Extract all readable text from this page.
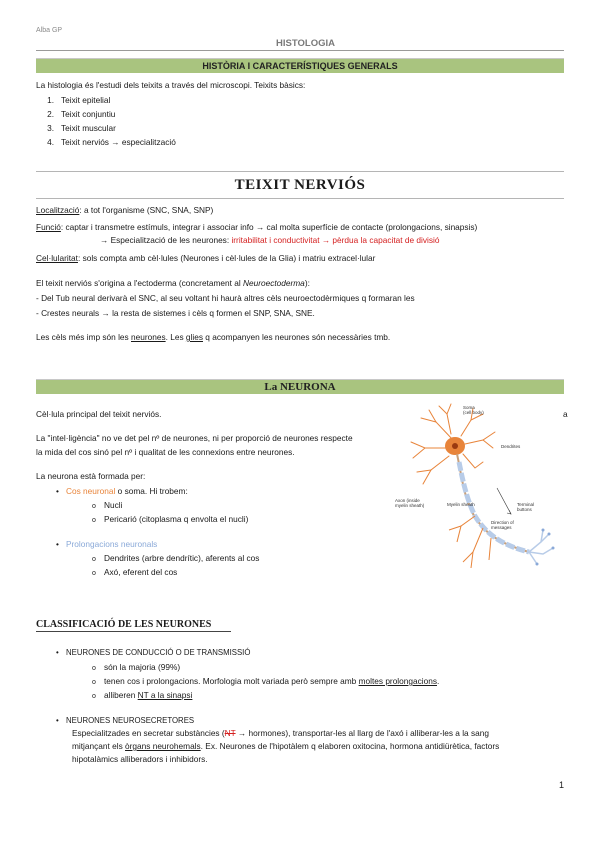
Alba GP
HISTOLOGIA
HISTÒRIA I CARACTERÍSTIQUES GENERALS
La histologia és l'estudi dels teixits a través del microscopi. Teixits bàsics:
1. Teixit epitelial
2. Teixit conjuntiu
3. Teixit muscular
4. Teixit nerviós → especialització
TEIXIT NERVIÓS
Localització: a tot l'organisme (SNC, SNA, SNP)
Funció: captar i transmetre estímuls, integrar i associar info → cal molta superfície de contacte (prolongacions, sinapsis)
→ Especialització de les neurones: irritabilitat i conductivitat → pèrdua la capacitat de divisió
Cel·lularitat: sols compta amb cèl·lules (Neurones i cèl·lules de la Glia) i matriu extracel·lular
El teixit nerviós s'origina a l'ectoderma (concretament al Neuroectoderma):
- Del Tub neural derivarà el SNC, al seu voltant hi haurà altres cèls neuroectodèrmiques q formaran les
- Crestes neurals → la resta de sistemes i cèls q formen el SNP, SNA, SNE.
Les cèls més imp són les neurones. Les glies q acompanyen les neurones són necessàries tmb.
La NEURONA
Cèl·lula principal del teixit nerviós.
La "intel·ligència" no ve det pel nº de neurones, ni per proporció de neurones respecte
a
la mida del cos sinó pel nº i qualitat de les connexions entre neurones.
La neurona està formada per:
• Cos neuronal o soma. Hi trobem:
o Nucli
o Pericarió (citoplasma q envolta el nucli)
• Prolongacions neuronals
o Dendrites (arbre dendrític), aferents al cos
o Axó, eferent del cos
Soma
(cell body)
Dendrites
Axon (inside
myelin sheath)	Myelin sheath	Terminal
buttons
Direction of
messages
CLASSIFICACIÓ DE LES NEURONES
• NEURONES DE CONDUCCIÓ O DE TRANSMISSIÓ
o són la majoria (99%)
o tenen cos i prolongacions. Morfologia molt variada però sempre amb moltes prolongacions.
o alliberen NT a la sinapsi
• NEURONES NEUROSECRETORES
Especialitzades en secretar substàncies (NT → hormones), transportar-les al llarg de l'axó i alliberar-les a la sang
mitjançant els òrgans neurohemals. Ex. Neurones de l'hipotàlem q elaboren oxitocina, hormona antidiürètica, factors
hipotalàmics alliberadors i inhibidors.
1
